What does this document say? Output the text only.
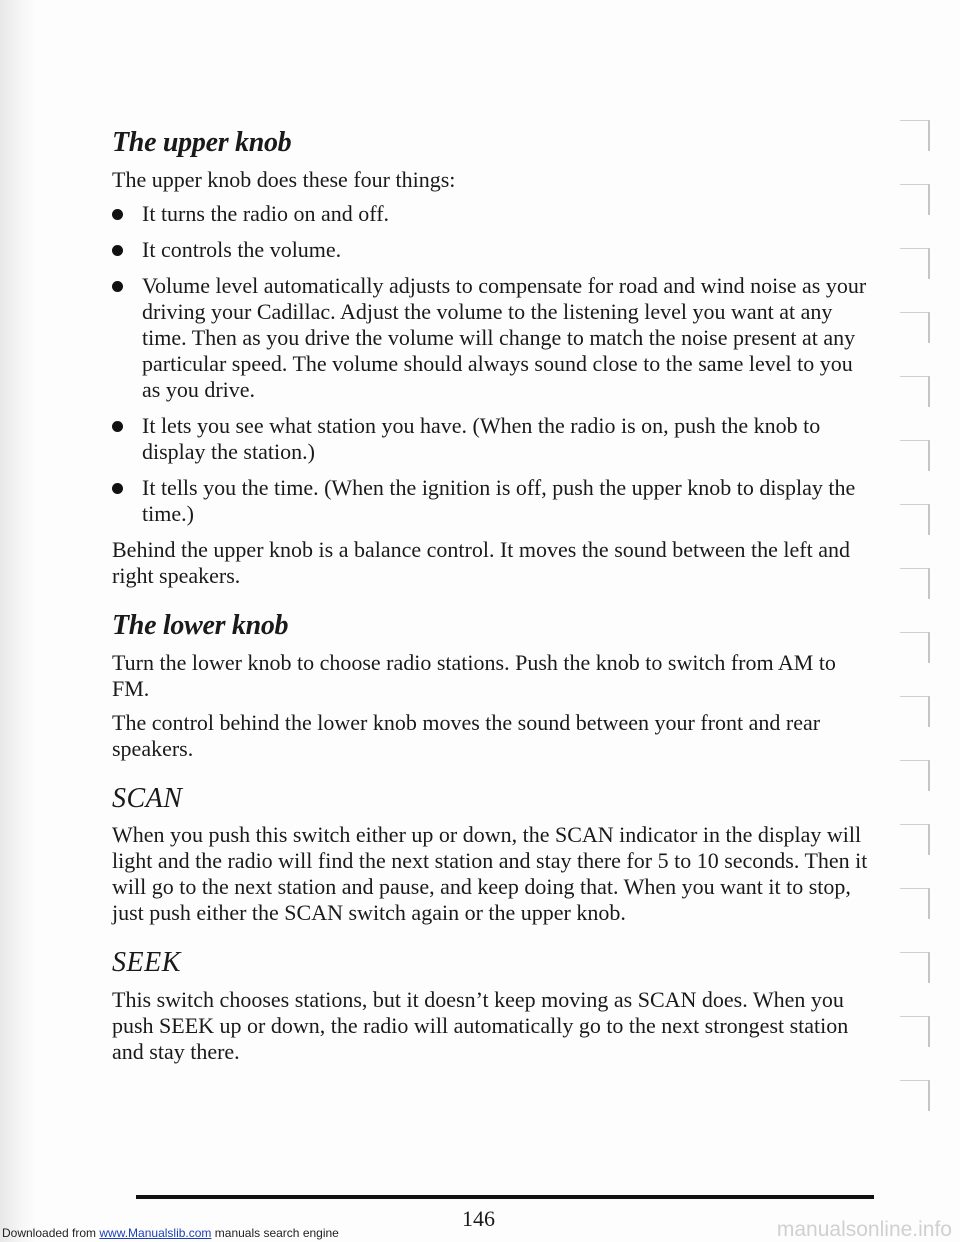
The upper knob

The upper knob does these four things:

It turns the radio on and off.
It controls the volume.
Volume level automatically adjusts to compensate for road and wind noise as your driving your Cadillac. Adjust the volume to the listening level you want at any time. Then as you drive the volume will change to match the noise present at any particular speed. The volume should always sound close to the same level to you as you drive.
It lets you see what station you have. (When the radio is on, push the knob to display the station.)
It tells you the time. (When the ignition is off, push the upper knob to display the time.)

Behind the upper knob is a balance control. It moves the sound between the left and right speakers.

The lower knob

Turn the lower knob to choose radio stations. Push the knob to switch from AM to FM.

The control behind the lower knob moves the sound between your front and rear speakers.

SCAN

When you push this switch either up or down, the SCAN indicator in the display will light and the radio will find the next station and stay there for 5 to 10 seconds. Then it will go to the next station and pause, and keep doing that. When you want it to stop, just push either the SCAN switch again or the upper knob.

SEEK

This switch chooses stations, but it doesn’t keep moving as SCAN does. When you push SEEK up or down, the radio will automatically go to the next strongest station and stay there.

146
Downloaded from www.Manualslib.com manuals search engine	manualsonline.info
